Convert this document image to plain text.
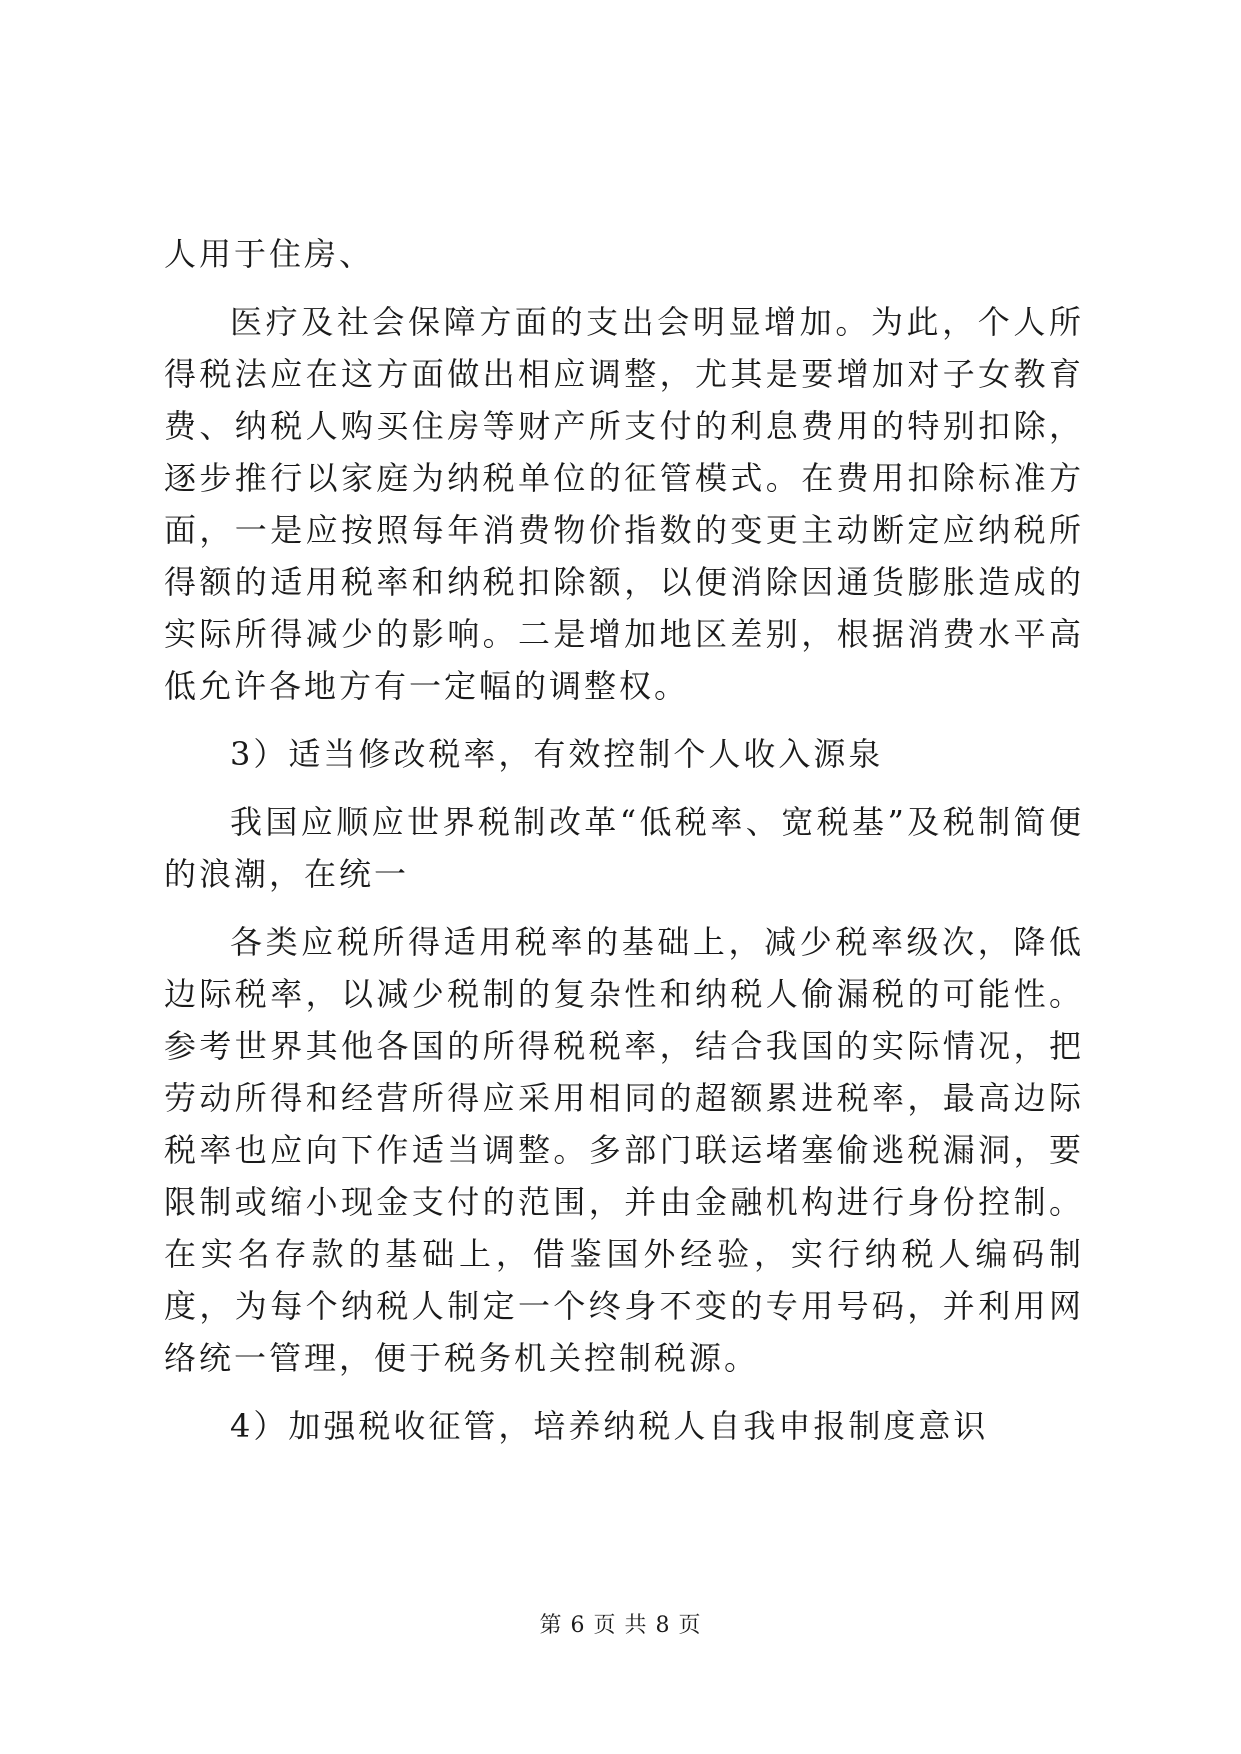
人用于住房、

医疗及社会保障方面的支出会明显增加。为此，个人所得税法应在这方面做出相应调整，尤其是要增加对子女教育费、纳税人购买住房等财产所支付的利息费用的特别扣除，逐步推行以家庭为纳税单位的征管模式。在费用扣除标准方面，一是应按照每年消费物价指数的变更主动断定应纳税所得额的适用税率和纳税扣除额，以便消除因通货膨胀造成的实际所得减少的影响。二是增加地区差别，根据消费水平高低允许各地方有一定幅的调整权。

3）适当修改税率，有效控制个人收入源泉

我国应顺应世界税制改革“低税率、宽税基”及税制简便的浪潮，在统一

各类应税所得适用税率的基础上，减少税率级次，降低边际税率，以减少税制的复杂性和纳税人偷漏税的可能性。参考世界其他各国的所得税税率，结合我国的实际情况，把劳动所得和经营所得应采用相同的超额累进税率，最高边际税率也应向下作适当调整。多部门联运堵塞偷逃税漏洞，要限制或缩小现金支付的范围，并由金融机构进行身份控制。在实名存款的基础上，借鉴国外经验，实行纳税人编码制度，为每个纳税人制定一个终身不变的专用号码，并利用网络统一管理，便于税务机关控制税源。

4）加强税收征管，培养纳税人自我申报制度意识

第 6 页 共 8 页
